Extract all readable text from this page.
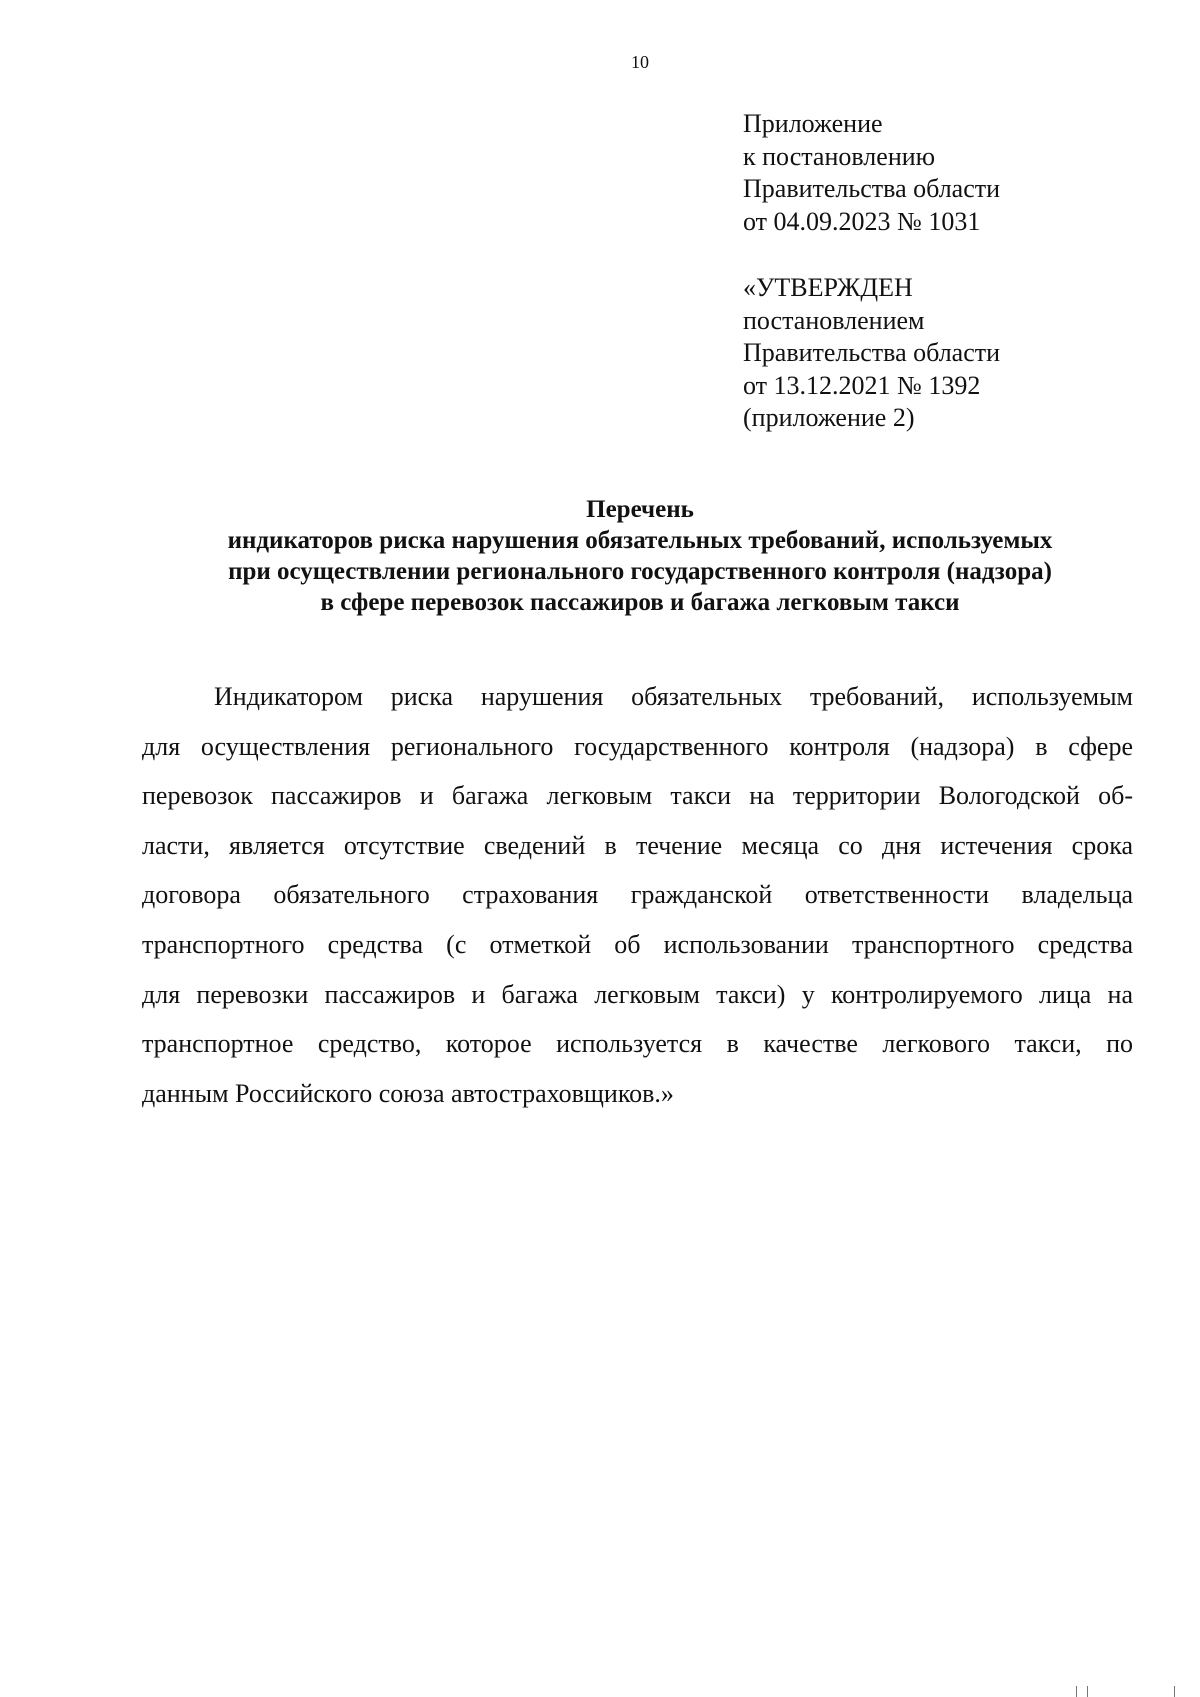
10
Приложение
к постановлению
Правительства области
от 04.09.2023 № 1031
«УТВЕРЖДЕН
постановлением
Правительства области
от 13.12.2021 № 1392
(приложение 2)
Перечень
индикаторов риска нарушения обязательных требований, используемых
при осуществлении регионального государственного контроля (надзора)
в сфере перевозок пассажиров и багажа легковым такси
Индикатором риска нарушения обязательных требований, используемым
для осуществления регионального государственного контроля (надзора) в сфере
перевозок пассажиров и багажа легковым такси на территории Вологодской об-
ласти, является отсутствие сведений в течение месяца со дня истечения срока
договора обязательного страхования гражданской ответственности владельца
транспортного средства (с отметкой об использовании транспортного средства
для перевозки пассажиров и багажа легковым такси) у контролируемого лица на
транспортное средство, которое используется в качестве легкового такси, по
данным Российского союза автостраховщиков.»
